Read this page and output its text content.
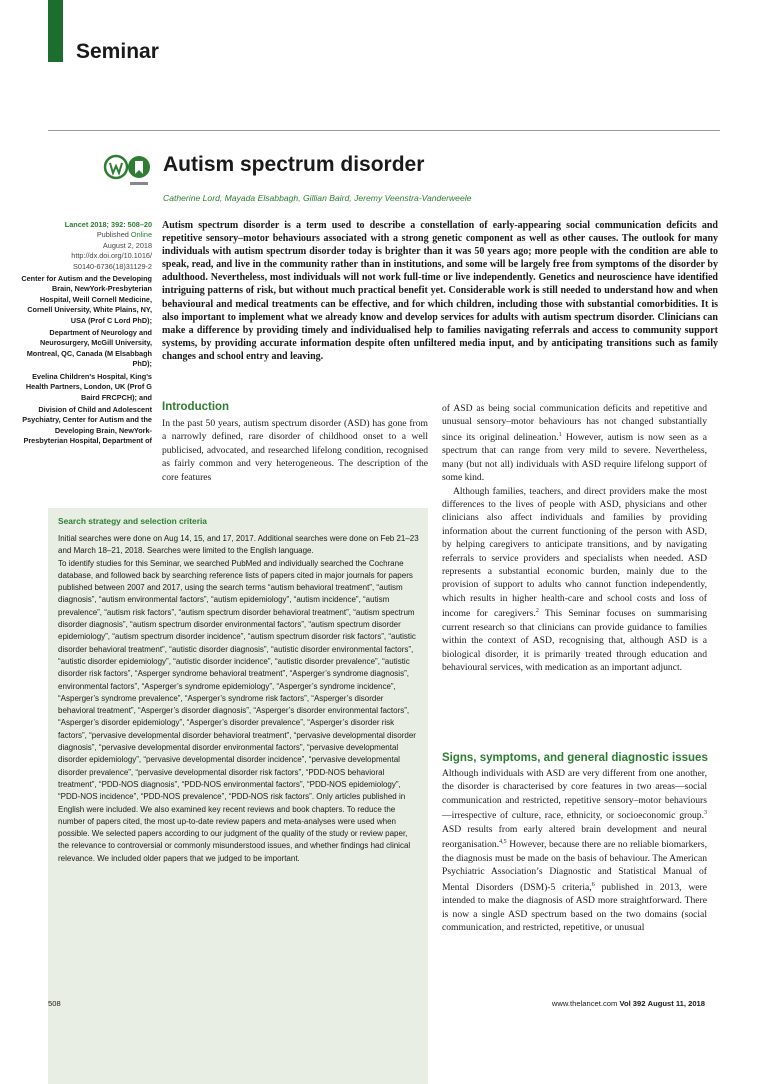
Seminar
Autism spectrum disorder
Catherine Lord, Mayada Elsabbagh, Gillian Baird, Jeremy Veenstra-Vanderweele
Lancet 2018; 392: 508–20
Published Online
August 2, 2018
http://dx.doi.org/10.1016/
S0140-6736(18)31129-2
Center for Autism and the Developing Brain, NewYork-Presbyterian Hospital, Weill Cornell Medicine, Cornell University, White Plains, NY, USA (Prof C Lord PhD);
Department of Neurology and Neurosurgery, McGill University, Montreal, QC, Canada (M Elsabbagh PhD);
Evelina Children's Hospital, King's Health Partners, London, UK (Prof G Baird FRCPCH); and
Division of Child and Adolescent Psychiatry, Center for Autism and the Developing Brain, NewYork-Presbyterian Hospital, Department of
Autism spectrum disorder is a term used to describe a constellation of early-appearing social communication deficits and repetitive sensory–motor behaviours associated with a strong genetic component as well as other causes. The outlook for many individuals with autism spectrum disorder today is brighter than it was 50 years ago; more people with the condition are able to speak, read, and live in the community rather than in institutions, and some will be largely free from symptoms of the disorder by adulthood. Nevertheless, most individuals will not work full-time or live independently. Genetics and neuroscience have identified intriguing patterns of risk, but without much practical benefit yet. Considerable work is still needed to understand how and when behavioural and medical treatments can be effective, and for which children, including those with substantial comorbidities. It is also important to implement what we already know and develop services for adults with autism spectrum disorder. Clinicians can make a difference by providing timely and individualised help to families navigating referrals and access to community support systems, by providing accurate information despite often unfiltered media input, and by anticipating transitions such as family changes and school entry and leaving.
Introduction
In the past 50 years, autism spectrum disorder (ASD) has gone from a narrowly defined, rare disorder of childhood onset to a well publicised, advocated, and researched lifelong condition, recognised as fairly common and very heterogeneous. The description of the core features
Search strategy and selection criteria

Initial searches were done on Aug 14, 15, and 17, 2017. Additional searches were done on Feb 21–23 and March 18–21, 2018. Searches were limited to the English language.

To identify studies for this Seminar, we searched PubMed and individually searched the Cochrane database, and followed back by searching reference lists of papers cited in major journals for papers published between 2007 and 2017, using the search terms “autism behavioral treatment”, “autism diagnosis”, “autism environmental factors”, “autism epidemiology”, “autism incidence”, “autism prevalence”, “autism risk factors”, “autism spectrum disorder behavioral treatment”, “autism spectrum disorder diagnosis”, “autism spectrum disorder environmental factors”, “autism spectrum disorder epidemiology”, “autism spectrum disorder incidence”, “autism spectrum disorder risk factors”, “autistic disorder behavioral treatment”, “autistic disorder diagnosis”, “autistic disorder environmental factors”, “autistic disorder epidemiology”, “autistic disorder incidence”, “autistic disorder prevalence”, “autistic disorder risk factors”, “Asperger syndrome behavioral treatment”, “Asperger’s syndrome diagnosis”, environmental factors”, “Asperger’s syndrome epidemiology”, “Asperger’s syndrome incidence”, “Asperger’s syndrome prevalence”, “Asperger’s syndrome risk factors”, “Asperger’s disorder behavioral treatment”, “Asperger’s disorder diagnosis”, “Asperger’s disorder environmental factors”, “Asperger’s disorder epidemiology”, “Asperger’s disorder prevalence”, “Asperger’s disorder risk factors”, “pervasive developmental disorder behavioral treatment”, “pervasive developmental disorder diagnosis”, “pervasive developmental disorder environmental factors”, “pervasive developmental disorder epidemiology”, “pervasive developmental disorder incidence”, “pervasive developmental disorder prevalence”, “pervasive developmental disorder risk factors”, “PDD-NOS behavioral treatment”, “PDD-NOS diagnosis”, “PDD-NOS environmental factors”, “PDD-NOS epidemiology”, “PDD-NOS incidence”, “PDD-NOS prevalence”, “PDD-NOS risk factors”. Only articles published in English were included. We also examined key recent reviews and book chapters. To reduce the number of papers cited, the most up-to-date review papers and meta-analyses were used when possible. We selected papers according to our judgment of the quality of the study or review paper, the relevance to controversial or commonly misunderstood issues, and whether findings had clinical relevance. We included older papers that we judged to be important.

of ASD as being social communication deficits and repetitive and unusual sensory–motor behaviours has not changed substantially since its original delineation.$^1$ However, autism is now seen as a spectrum that can range from very mild to severe. Nevertheless, many (but not all) individuals with ASD require lifelong support of some kind.

Although families, teachers, and direct providers make the most differences to the lives of people with ASD, physicians and other clinicians also affect individuals and families by providing information about the current functioning of the person with ASD, by helping caregivers to anticipate transitions, and by navigating referrals to service providers and specialists when needed. ASD represents a substantial economic burden, mainly due to the provision of support to adults who cannot function independently, which results in higher health-care and school costs and loss of income for caregivers.$^2$ This Seminar focuses on summarising current research so that clinicians can provide guidance to families within the context of ASD, recognising that, although ASD is a biological disorder, it is primarily treated through education and behavioural services, with medication as an important adjunct.

Signs, symptoms, and general diagnostic issues
Although individuals with ASD are very different from one another, the disorder is characterised by core features in two areas—social communication and restricted, repetitive sensory–motor behaviours—irrespective of culture, race, ethnicity, or socioeconomic group.$^3$ ASD results from early altered brain development and neural reorganisation.$^{4,5}$ However, because there are no reliable biomarkers, the diagnosis must be made on the basis of behaviour. The American Psychiatric Association’s Diagnostic and Statistical Manual of Mental Disorders (DSM)-5 criteria,$^6$ published in 2013, were intended to make the diagnosis of ASD more straightforward. There is now a single ASD spectrum based on the two domains (social communication, and restricted, repetitive, or unusual
508	www.thelancet.com Vol 392 August 11, 2018
